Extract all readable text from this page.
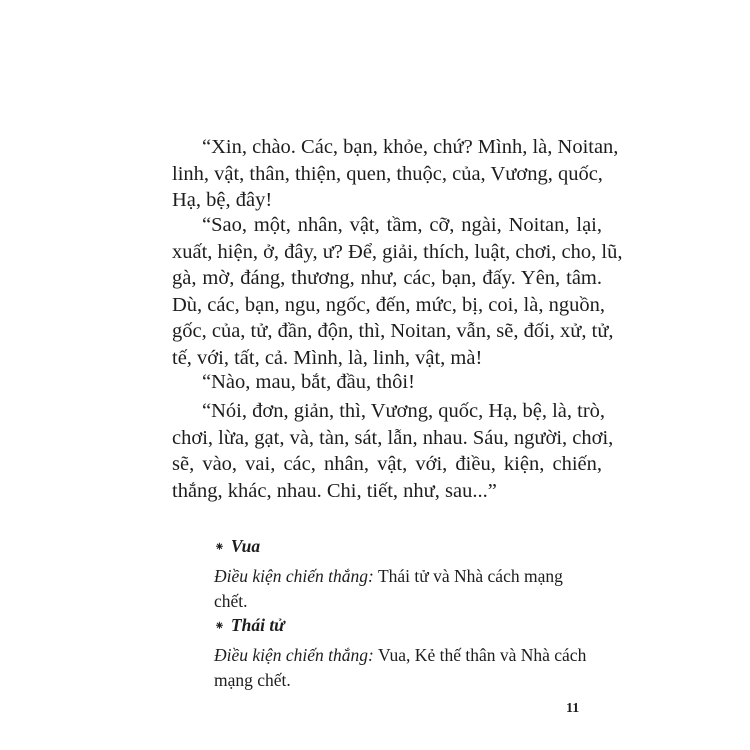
“Xin, chào. Các, bạn, khỏe, chứ? Mình, là, Noitan,
linh, vật, thân, thiện, quen, thuộc, của, Vương, quốc,
Hạ, bệ, đây!
“Sao, một, nhân, vật, tầm, cỡ, ngài, Noitan, lại,
xuất, hiện, ở, đây, ư? Để, giải, thích, luật, chơi, cho, lũ,
gà, mờ, đáng, thương, như, các, bạn, đấy. Yên, tâm.
Dù, các, bạn, ngu, ngốc, đến, mức, bị, coi, là, nguồn,
gốc, của, tử, đần, độn, thì, Noitan, vẫn, sẽ, đối, xử, tử,
tế, với, tất, cả. Mình, là, linh, vật, mà!
“Nào, mau, bắt, đầu, thôi!
“Nói, đơn, giản, thì, Vương, quốc, Hạ, bệ, là, trò,
chơi, lừa, gạt, và, tàn, sát, lẫn, nhau. Sáu, người, chơi,
sẽ, vào, vai, các, nhân, vật, với, điều, kiện, chiến,
thắng, khác, nhau. Chi, tiết, như, sau...”
⁕ Vua
Điều kiện chiến thắng: Thái tử và Nhà cách mạng
chết.
⁕ Thái tử
Điều kiện chiến thắng: Vua, Kẻ thế thân và Nhà cách
mạng chết.
11
